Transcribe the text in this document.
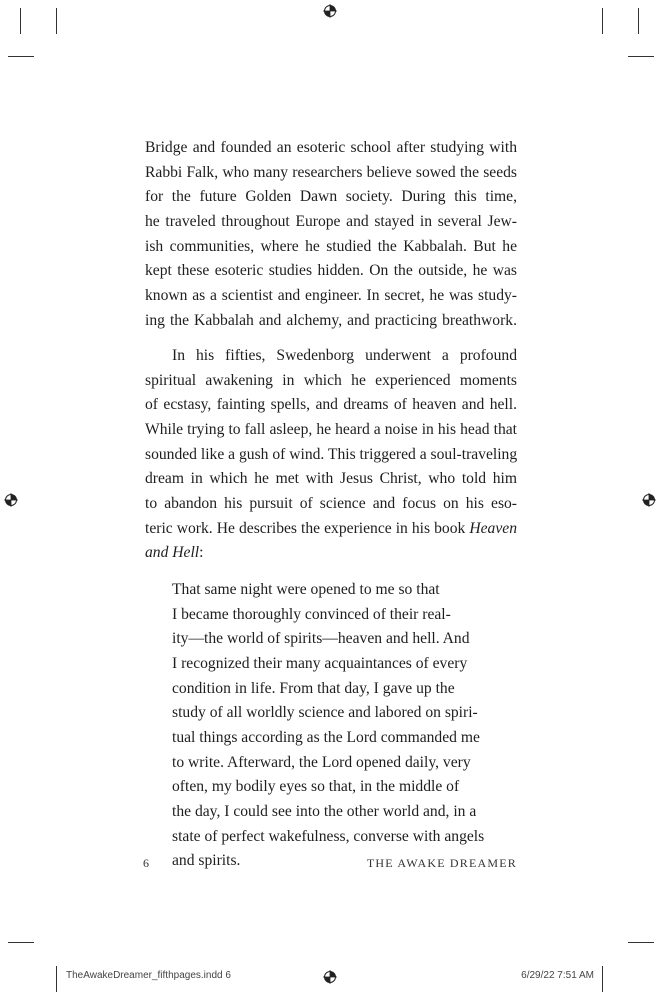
Bridge and founded an esoteric school after studying with
Rabbi Falk, who many researchers believe sowed the seeds
for the future Golden Dawn society. During this time,
he traveled throughout Europe and stayed in several Jew-
ish communities, where he studied the Kabbalah. But he
kept these esoteric studies hidden. On the outside, he was
known as a scientist and engineer. In secret, he was study-
ing the Kabbalah and alchemy, and practicing breathwork.
In his fifties, Swedenborg underwent a profound
spiritual awakening in which he experienced moments
of ecstasy, fainting spells, and dreams of heaven and hell.
While trying to fall asleep, he heard a noise in his head that
sounded like a gush of wind. This triggered a soul-traveling
dream in which he met with Jesus Christ, who told him
to abandon his pursuit of science and focus on his eso-
teric work. He describes the experience in his book Heaven
and Hell:
That same night were opened to me so that
I became thoroughly convinced of their real-
ity—the world of spirits—heaven and hell. And
I recognized their many acquaintances of every
condition in life. From that day, I gave up the
study of all worldly science and labored on spiri-
tual things according as the Lord commanded me
to write. Afterward, the Lord opened daily, very
often, my bodily eyes so that, in the middle of
the day, I could see into the other world and, in a
state of perfect wakefulness, converse with angels
and spirits.
6	THE AWAKE DREAMER
TheAwakeDreamer_fifthpages.indd 6	6/29/22 7:51 AM
